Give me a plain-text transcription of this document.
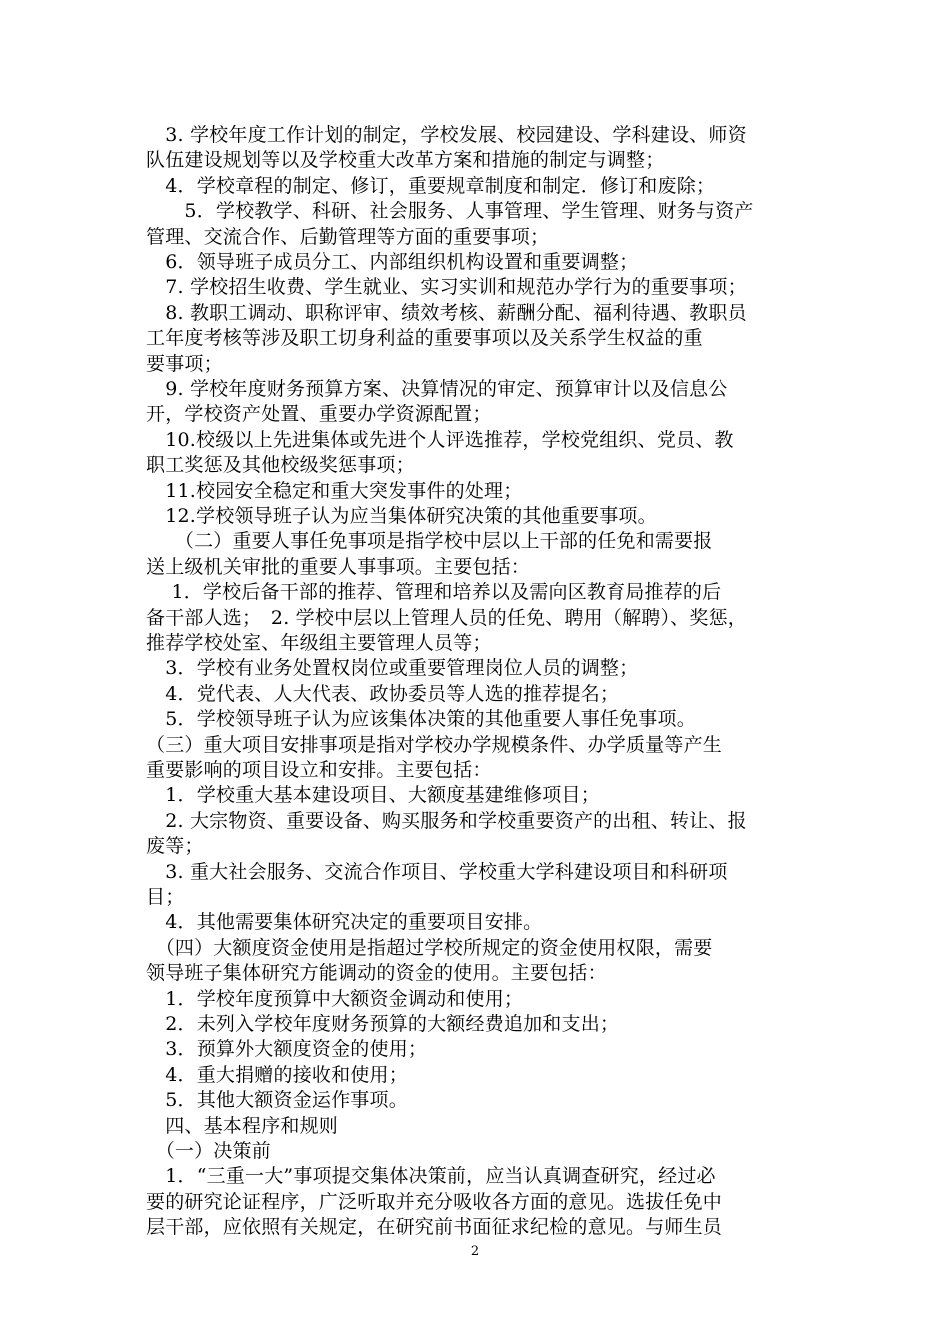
　3. 学校年度工作计划的制定，学校发展、校园建设、学科建设、师资
队伍建设规划等以及学校重大改革方案和措施的制定与调整；
　4．学校章程的制定、修订，重要规章制度和制定．修订和废除；
　　5．学校教学、科研、社会服务、人事管理、学生管理、财务与资产
管理、交流合作、后勤管理等方面的重要事项；
　6．领导班子成员分工、内部组织机构设置和重要调整；
　7. 学校招生收费、学生就业、实习实训和规范办学行为的重要事项；
　8. 教职工调动、职称评审、绩效考核、薪酬分配、福利待遇、教职员
工年度考核等涉及职工切身利益的重要事项以及关系学生权益的重
要事项；
　9. 学校年度财务预算方案、决算情况的审定、预算审计以及信息公
开，学校资产处置、重要办学资源配置；
　10.校级以上先进集体或先进个人评选推荐，学校党组织、党员、教
职工奖惩及其他校级奖惩事项；
　11.校园安全稳定和重大突发事件的处理；
　12.学校领导班子认为应当集体研究决策的其他重要事项。
　　（二）重要人事任免事项是指学校中层以上干部的任免和需要报
送上级机关审批的重要人事事项。主要包括：
　 1．学校后备干部的推荐、管理和培养以及需向区教育局推荐的后
备干部人选；　2. 学校中层以上管理人员的任免、聘用（解聘）、奖惩，
推荐学校处室、年级组主要管理人员等；
　3．学校有业务处置权岗位或重要管理岗位人员的调整；
　4．党代表、人大代表、政协委员等人选的推荐提名；
　5．学校领导班子认为应该集体决策的其他重要人事任免事项。
（三）重大项目安排事项是指对学校办学规模条件、办学质量等产生
重要影响的项目设立和安排。主要包括：
　1．学校重大基本建设项目、大额度基建维修项目；
　2. 大宗物资、重要设备、购买服务和学校重要资产的出租、转让、报
废等；
　3. 重大社会服务、交流合作项目、学校重大学科建设项目和科研项
目；
　4．其他需要集体研究决定的重要项目安排。
　（四）大额度资金使用是指超过学校所规定的资金使用权限，需要
领导班子集体研究方能调动的资金的使用。主要包括：
　1．学校年度预算中大额资金调动和使用；
　2．未列入学校年度财务预算的大额经费追加和支出；
　3．预算外大额度资金的使用；
　4．重大捐赠的接收和使用；
　5．其他大额资金运作事项。
　四、基本程序和规则
　（一）决策前
　1．“三重一大”事项提交集体决策前，应当认真调查研究，经过必
要的研究论证程序，广泛听取并充分吸收各方面的意见。选拔任免中
层干部，应依照有关规定，在研究前书面征求纪检的意见。与师生员
2
